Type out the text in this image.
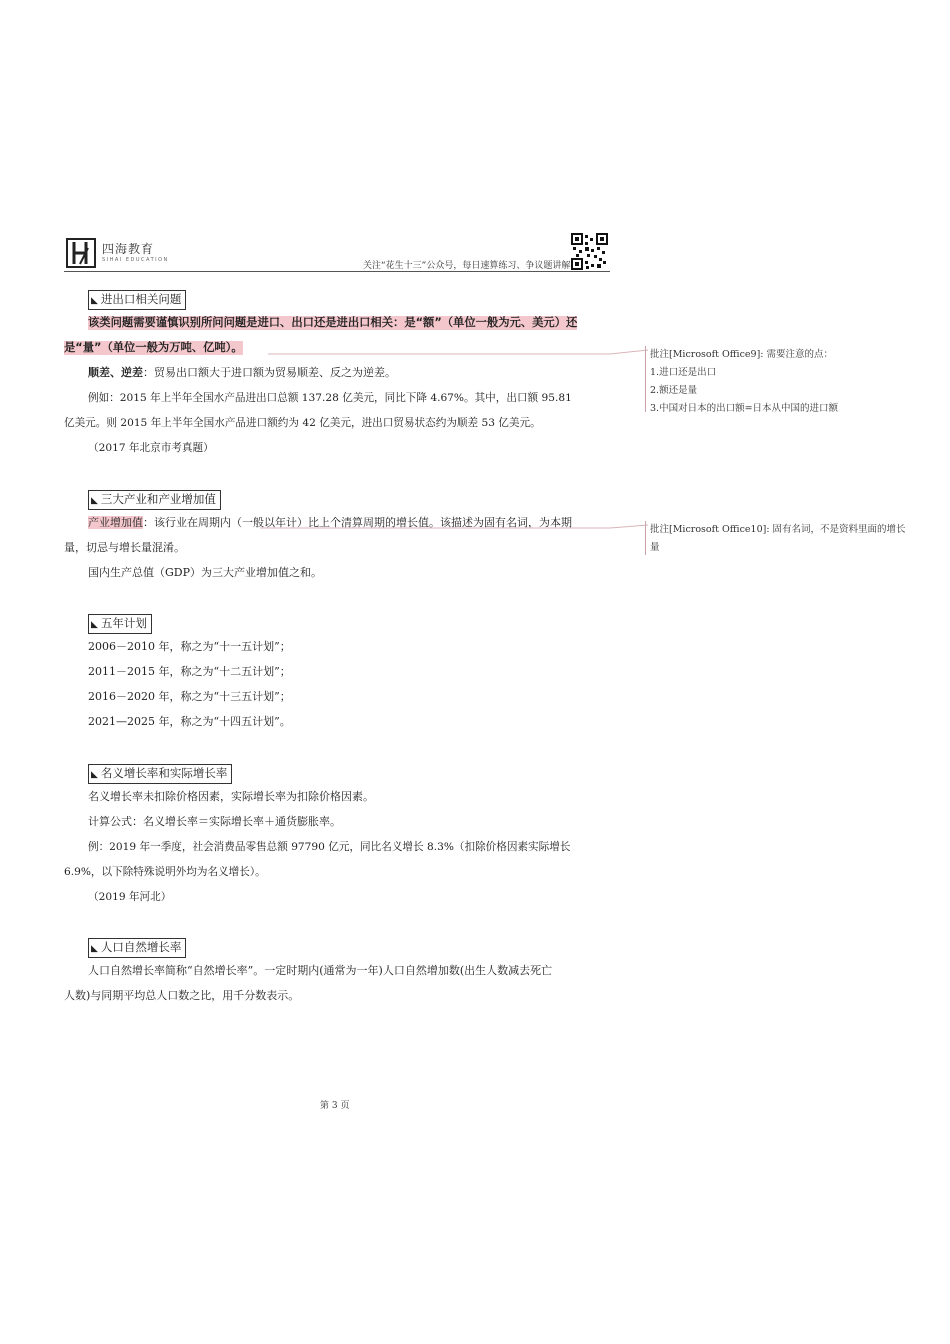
四海教育
SIHAI EDUCATION
关注“花生十三”公众号，每日速算练习、争议题讲解
◣ 进出口相关问题
该类问题需要谨慎识别所问问题是进口、出口还是进出口相关：是“额”（单位一般为元、美元）还
是“量”（单位一般为万吨、亿吨）。
顺差、逆差：贸易出口额大于进口额为贸易顺差、反之为逆差。
例如：2015 年上半年全国水产品进出口总额 137.28 亿美元，同比下降 4.67%。其中，出口额 95.81
亿美元。则 2015 年上半年全国水产品进口额约为 42 亿美元，进出口贸易状态约为顺差 53 亿美元。
（2017 年北京市考真题）
◣ 三大产业和产业增加值
产业增加值：该行业在周期内（一般以年计）比上个清算周期的增长值。该描述为固有名词，为本期
量，切忌与增长量混淆。
国内生产总值（GDP）为三大产业增加值之和。
◣ 五年计划
2006－2010 年，称之为“十一五计划”；
2011－2015 年，称之为“十二五计划”；
2016－2020 年，称之为“十三五计划”；
2021—2025 年，称之为“十四五计划”。
◣ 名义增长率和实际增长率
名义增长率未扣除价格因素，实际增长率为扣除价格因素。
计算公式：名义增长率＝实际增长率＋通货膨胀率。
例：2019 年一季度，社会消费品零售总额 97790 亿元，同比名义增长 8.3%（扣除价格因素实际增长
6.9%，以下除特殊说明外均为名义增长）。
（2019 年河北）
◣ 人口自然增长率
人口自然增长率简称“自然增长率”。一定时期内(通常为一年)人口自然增加数(出生人数减去死亡
人数)与同期平均总人口数之比，用千分数表示。
批注[Microsoft Office9]: 需要注意的点：
1.进口还是出口
2.额还是量
3.中国对日本的出口额=日本从中国的进口额
批注[Microsoft Office10]: 固有名词，不是资料里面的增长
量
第 3 页
